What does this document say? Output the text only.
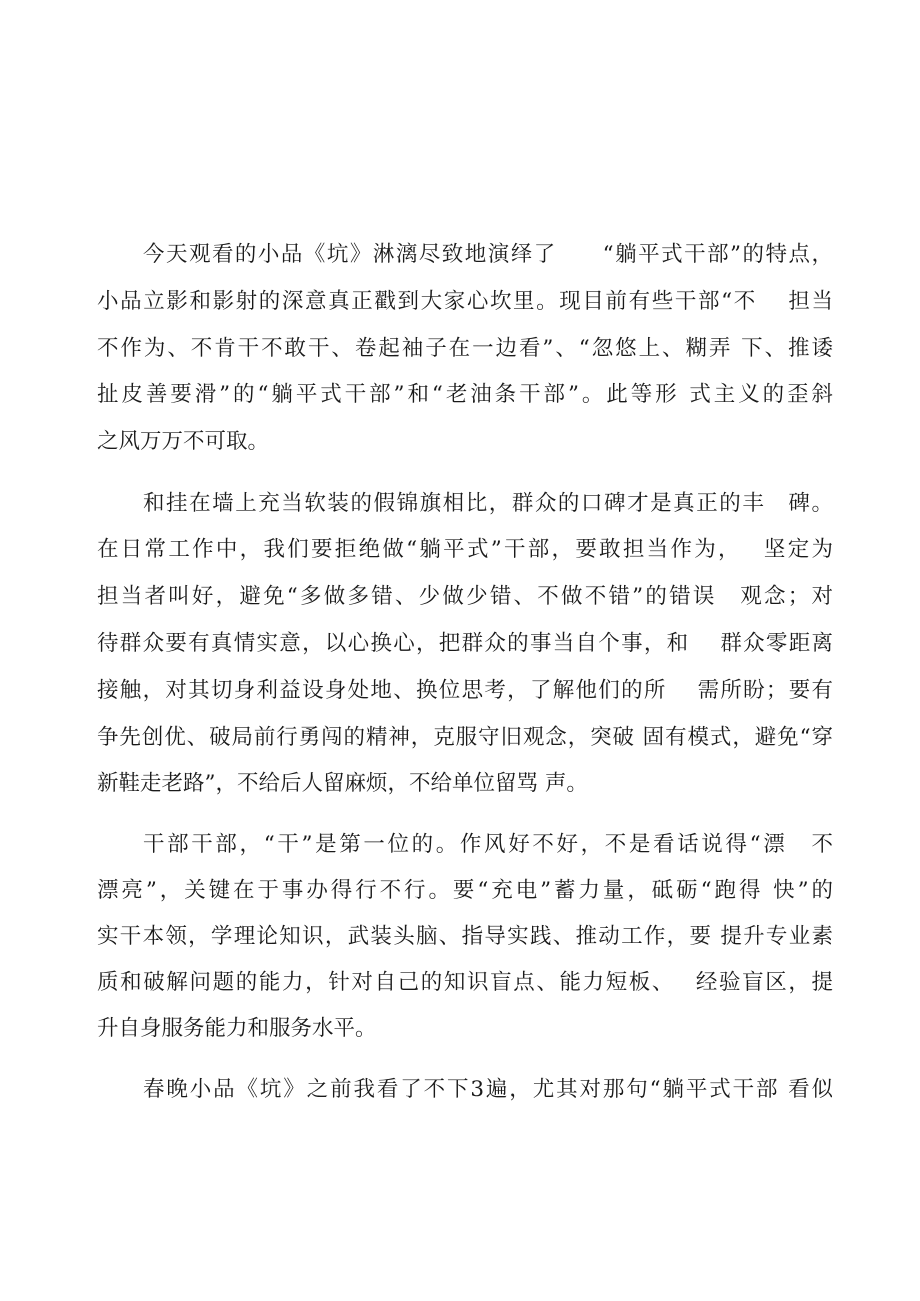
今天观看的小品《坑》淋漓尽致地演绎了　　“躺平式干部”的特点，
小品立影和影射的深意真正戳到大家心坎里。现目前有些干部“不　 担当
不作为、不肯干不敢干、卷起袖子在一边看”、“忽悠上、糊弄 下、推诿
扯皮善要滑”的“躺平式干部”和“老油条干部”。此等形 式主义的歪斜
之风万万不可取。
和挂在墙上充当软装的假锦旗相比，群众的口碑才是真正的丰　碑。
在日常工作中，我们要拒绝做“躺平式”干部，要敢担当作为，　 坚定为
担当者叫好，避免“多做多错、少做少错、不做不错”的错误　观念；对
待群众要有真情实意，以心换心，把群众的事当自个事，和　 群众零距离
接触，对其切身利益设身处地、换位思考，了解他们的所　 需所盼；要有
争先创优、破局前行勇闯的精神，克服守旧观念，突破 固有模式，避免“穿
新鞋走老路”，不给后人留麻烦，不给单位留骂 声。
干部干部，“干”是第一位的。作风好不好，不是看话说得“漂　不
漂亮”，关键在于事办得行不行。要“充电”蓄力量，砥砺“跑得 快”的
实干本领，学理论知识，武装头脑、指导实践、推动工作，要 提升专业素
质和破解问题的能力，针对自己的知识盲点、能力短板、　 经验盲区，提
升自身服务能力和服务水平。
春晚小品《坑》之前我看了不下3遍，尤其对那句“躺平式干部 看似
